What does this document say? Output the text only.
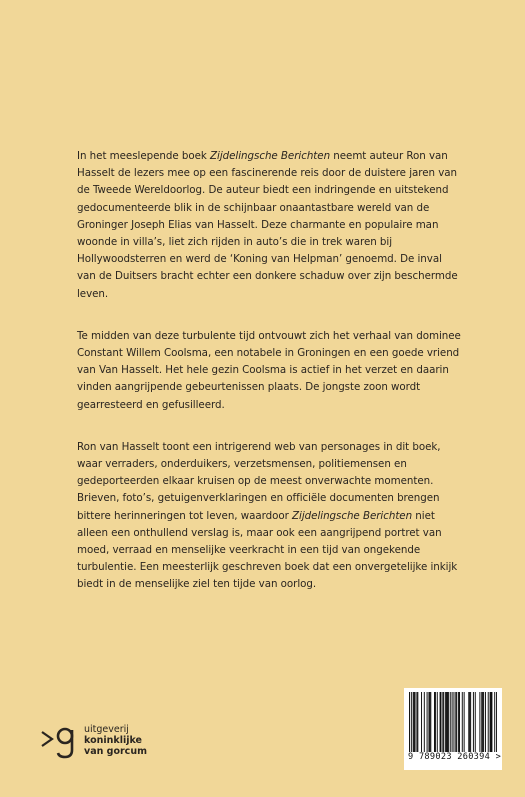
In het meeslepende boek Zijdelingsche Berichten neemt auteur Ron van Hasselt de lezers mee op een fascinerende reis door de duistere jaren van de Tweede Wereldoorlog. De auteur biedt een indringende en uitstekend gedocumenteerde blik in de schijnbaar onaantastbare wereld van de Groninger Joseph Elias van Hasselt. Deze charmante en populaire man woonde in villa’s, liet zich rijden in auto’s die in trek waren bij Hollywoodsterren en werd de ‘Koning van Helpman’ genoemd. De inval van de Duitsers bracht echter een donkere schaduw over zijn beschermde leven.

Te midden van deze turbulente tijd ontvouwt zich het verhaal van dominee Constant Willem Coolsma, een notabele in Groningen en een goede vriend van Van Hasselt. Het hele gezin Coolsma is actief in het verzet en daarin vinden aangrijpende gebeurtenissen plaats. De jongste zoon wordt gearresteerd en gefusilleerd.

Ron van Hasselt toont een intrigerend web van personages in dit boek, waar verraders, onderduikers, verzetsmensen, politiemensen en gedeporteerden elkaar kruisen op de meest onverwachte momenten. Brieven, foto’s, getuigenverklaringen en officiële documenten brengen bittere herinneringen tot leven, waardoor Zijdelingsche Berichten niet alleen een onthullend verslag is, maar ook een aangrijpend portret van moed, verraad en menselijke veerkracht in een tijd van ongekende turbulentie. Een meesterlijk geschreven boek dat een onvergetelijke inkijk biedt in de menselijke ziel ten tijde van oorlog.

uitgeverij
koninklijke
van gorcum
9 789023 260394 >
